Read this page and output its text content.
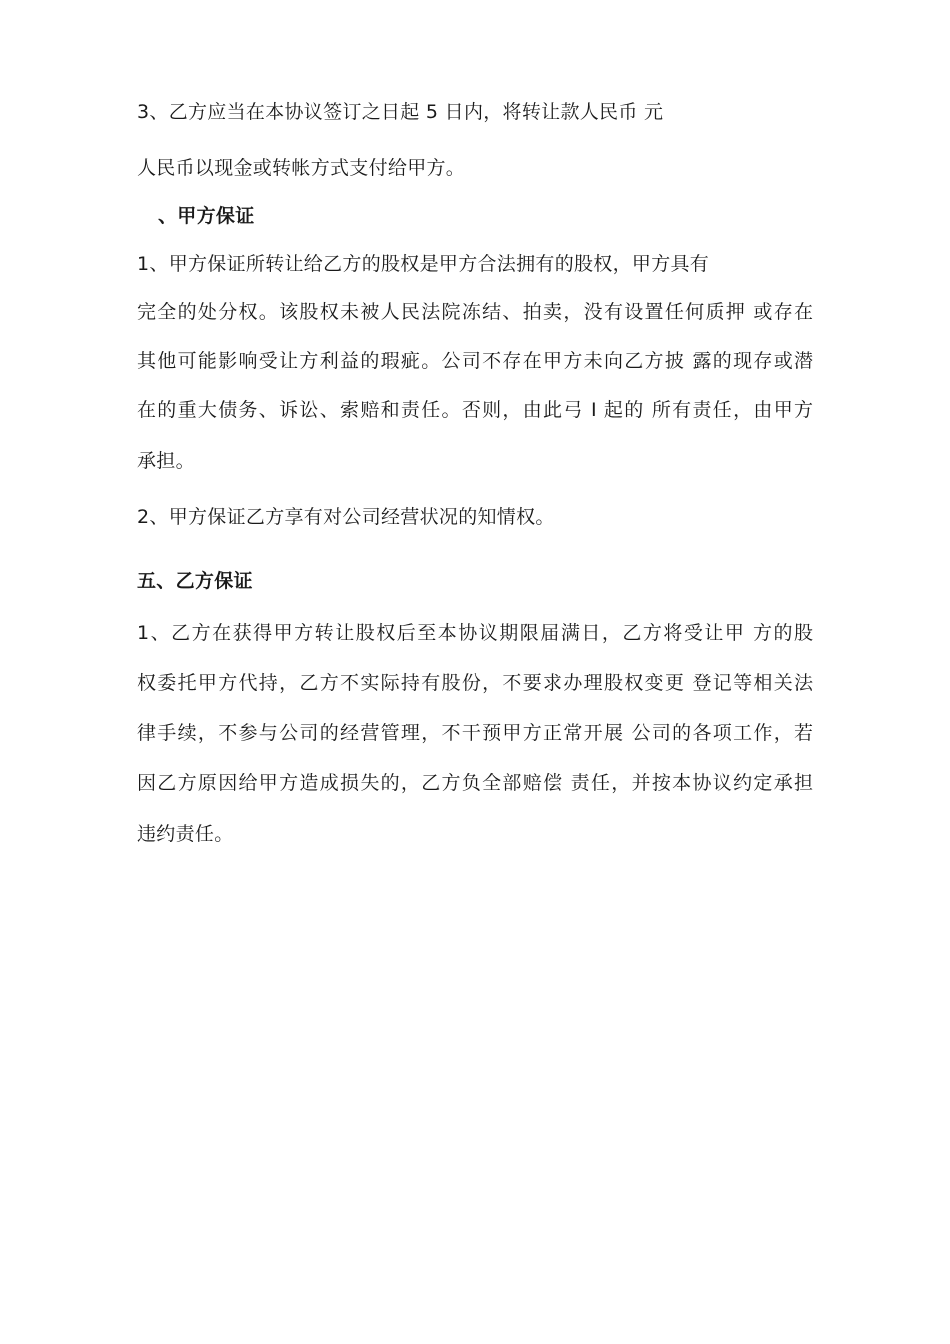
3、乙方应当在本协议签订之日起 5 日内，将转让款人民币 元
人民币以现金或转帐方式支付给甲方。
、甲方保证
1、甲方保证所转让给乙方的股权是甲方合法拥有的股权，甲方具有
完全的处分权。该股权未被人民法院冻结、拍卖，没有设置任何质押 或存在
其他可能影响受让方利益的瑕疵。公司不存在甲方未向乙方披 露的现存或潜
在的重大债务、诉讼、索赔和责任。否则，由此弓 I 起的 所有责任，由甲方
承担。
2、甲方保证乙方享有对公司经营状况的知情权。
五、乙方保证
1、乙方在获得甲方转让股权后至本协议期限届满日，乙方将受让甲 方的股
权委托甲方代持，乙方不实际持有股份，不要求办理股权变更 登记等相关法
律手续，不参与公司的经营管理，不干预甲方正常开展 公司的各项工作，若
因乙方原因给甲方造成损失的，乙方负全部赔偿 责任，并按本协议约定承担
违约责任。
